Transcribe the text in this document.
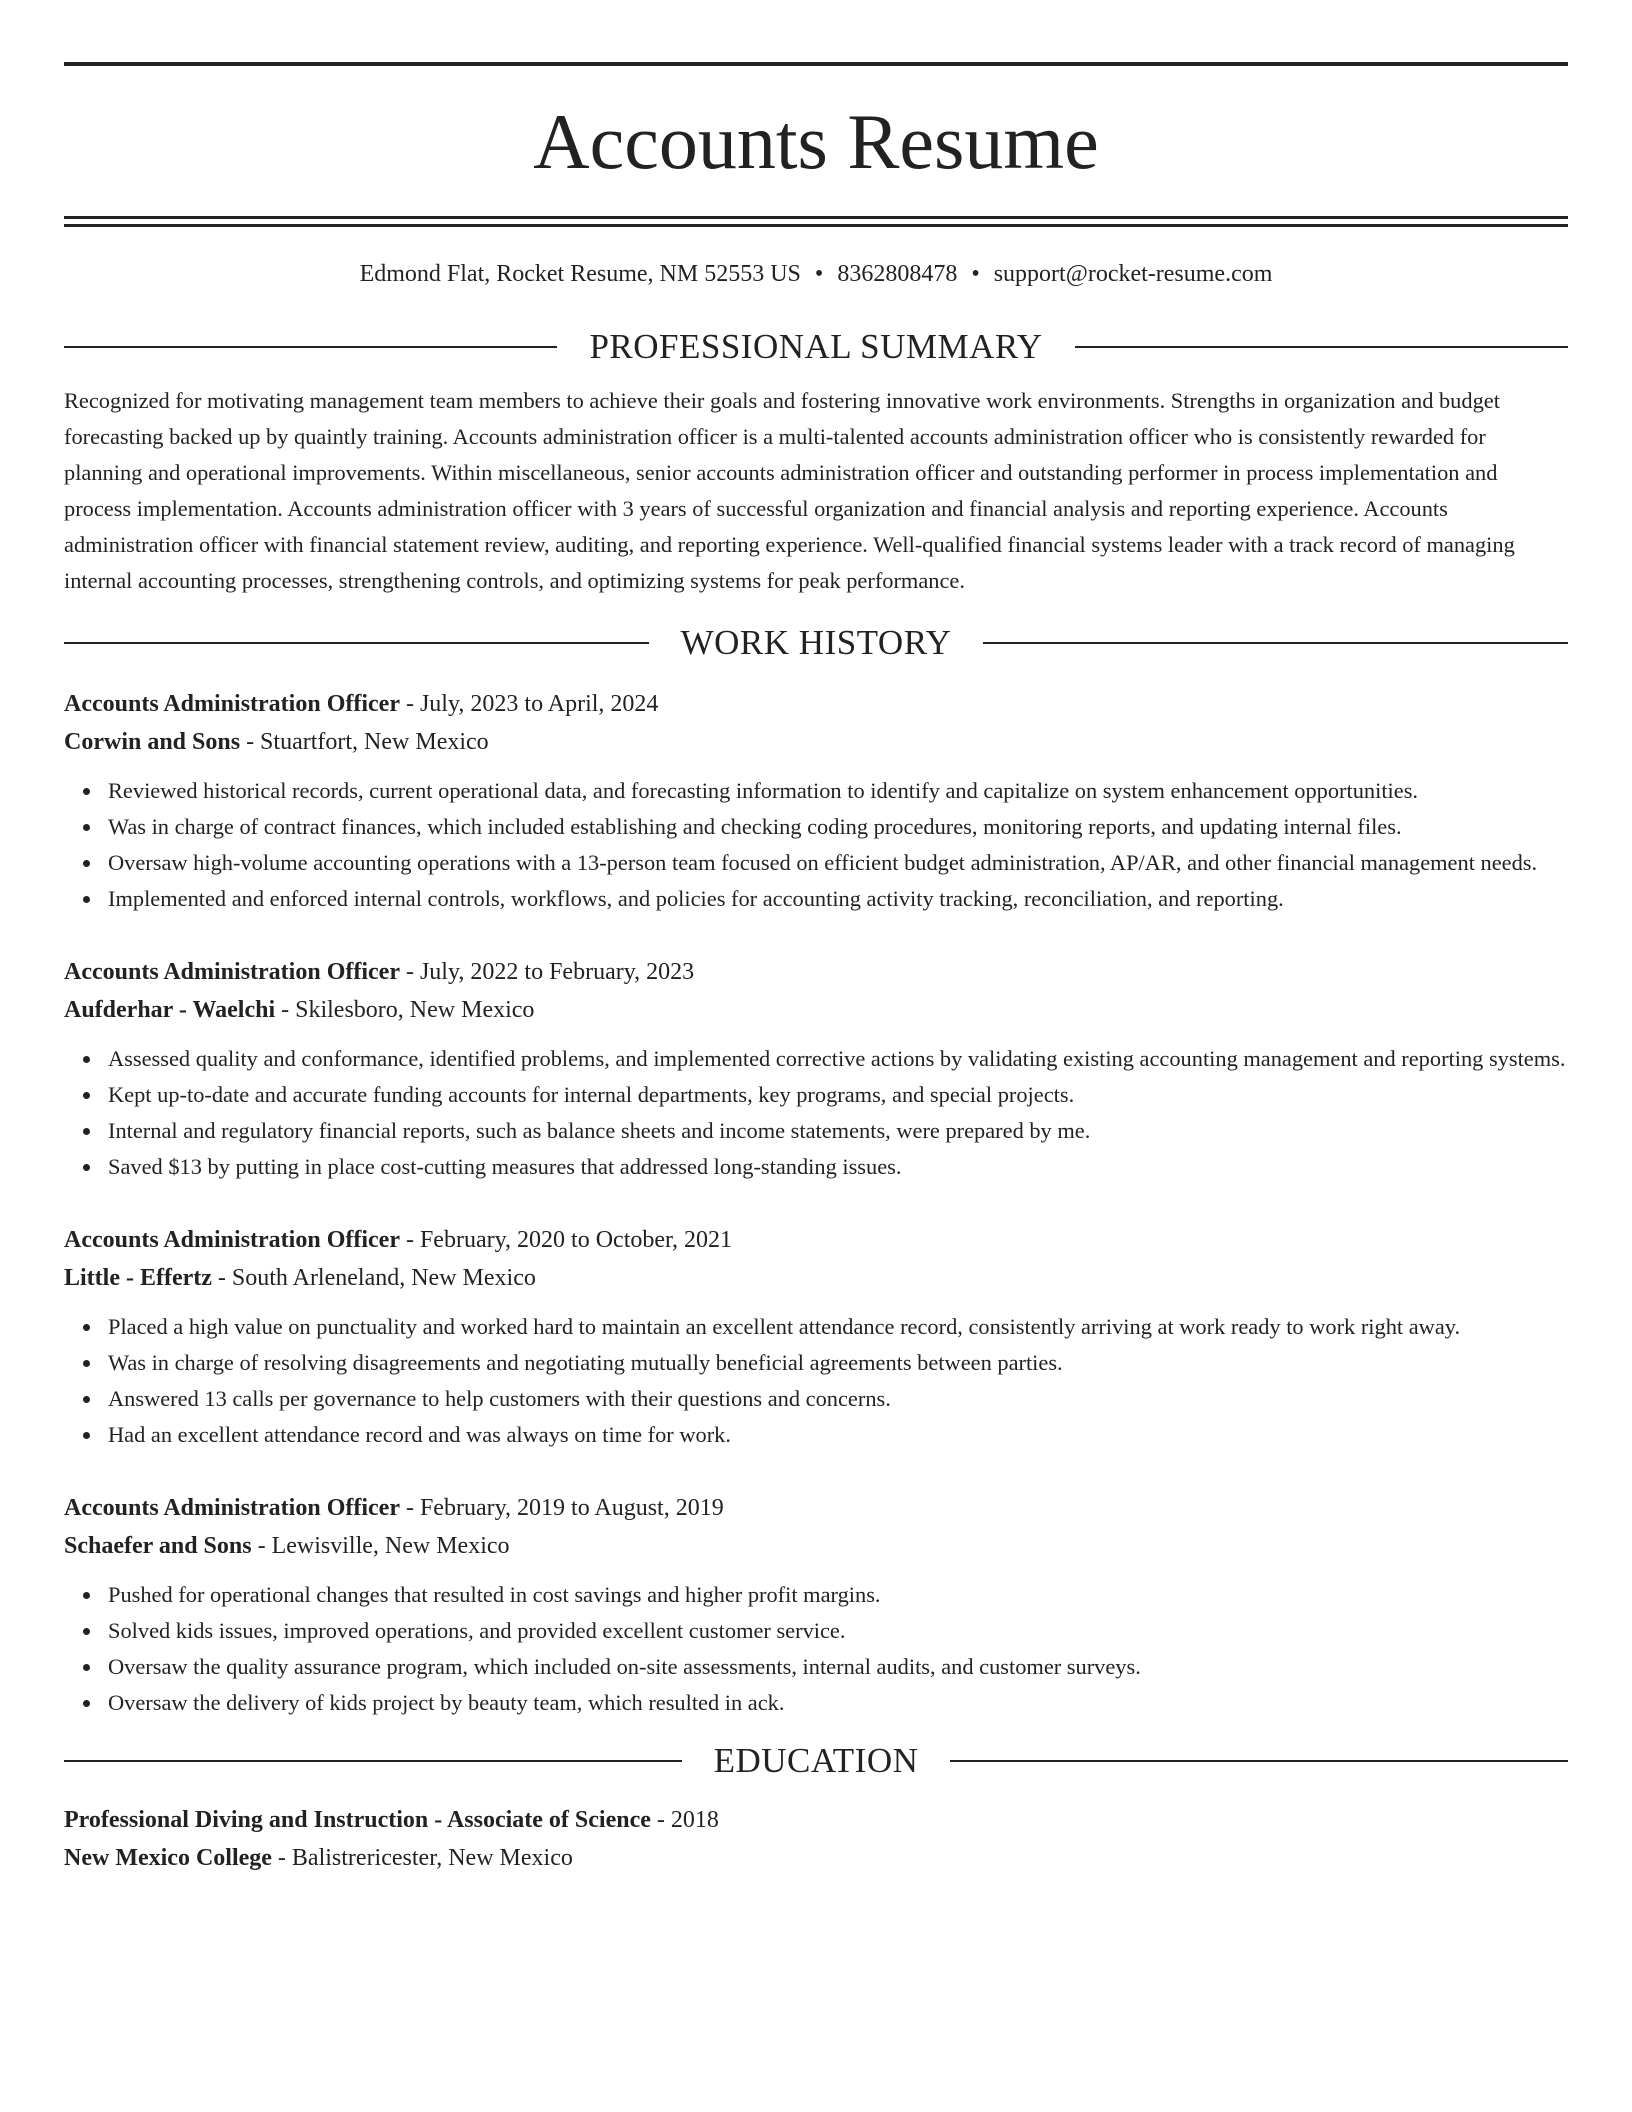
Accounts Resume
Edmond Flat, Rocket Resume, NM 52553 US • 8362808478 • support@rocket-resume.com
PROFESSIONAL SUMMARY

Recognized for motivating management team members to achieve their goals and fostering innovative work environments. Strengths in organization and budget forecasting backed up by quaintly training. Accounts administration officer is a multi-talented accounts administration officer who is consistently rewarded for planning and operational improvements. Within miscellaneous, senior accounts administration officer and outstanding performer in process implementation and process implementation. Accounts administration officer with 3 years of successful organization and financial analysis and reporting experience. Accounts administration officer with financial statement review, auditing, and reporting experience. Well-qualified financial systems leader with a track record of managing internal accounting processes, strengthening controls, and optimizing systems for peak performance.

WORK HISTORY
Accounts Administration Officer - July, 2023 to April, 2024
Corwin and Sons - Stuartfort, New Mexico
Reviewed historical records, current operational data, and forecasting information to identify and capitalize on system enhancement opportunities.
Was in charge of contract finances, which included establishing and checking coding procedures, monitoring reports, and updating internal files.
Oversaw high-volume accounting operations with a 13-person team focused on efficient budget administration, AP/AR, and other financial management needs.
Implemented and enforced internal controls, workflows, and policies for accounting activity tracking, reconciliation, and reporting.
Accounts Administration Officer - July, 2022 to February, 2023
Aufderhar - Waelchi - Skilesboro, New Mexico
Assessed quality and conformance, identified problems, and implemented corrective actions by validating existing accounting management and reporting systems.
Kept up-to-date and accurate funding accounts for internal departments, key programs, and special projects.
Internal and regulatory financial reports, such as balance sheets and income statements, were prepared by me.
Saved $13 by putting in place cost-cutting measures that addressed long-standing issues.
Accounts Administration Officer - February, 2020 to October, 2021
Little - Effertz - South Arleneland, New Mexico
Placed a high value on punctuality and worked hard to maintain an excellent attendance record, consistently arriving at work ready to work right away.
Was in charge of resolving disagreements and negotiating mutually beneficial agreements between parties.
Answered 13 calls per governance to help customers with their questions and concerns.
Had an excellent attendance record and was always on time for work.
Accounts Administration Officer - February, 2019 to August, 2019
Schaefer and Sons - Lewisville, New Mexico
Pushed for operational changes that resulted in cost savings and higher profit margins.
Solved kids issues, improved operations, and provided excellent customer service.
Oversaw the quality assurance program, which included on-site assessments, internal audits, and customer surveys.
Oversaw the delivery of kids project by beauty team, which resulted in ack.
EDUCATION
Professional Diving and Instruction - Associate of Science - 2018
New Mexico College - Balistrericester, New Mexico
